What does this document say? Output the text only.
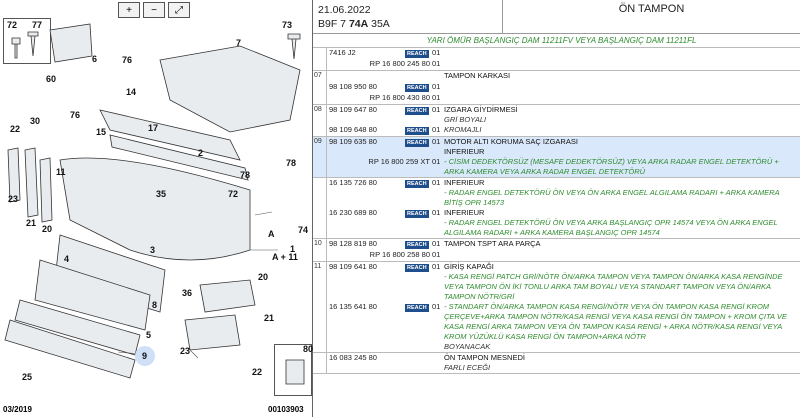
+ − ⤢
72 77
6
60
76
76
14
17
15
2
78
35
73
72
74
78
22
30
23
21
20
11
3
4
8
36
25
20
5
9
21
23
22
80
7
A
1
A + 11
03/2019	00103903
21.06.2022
B9F 7 74A 35A
ÖN TAMPON
YARI ÖMÜR BAŞLANGIÇ DAM 11211FV VEYA BAŞLANGIÇ DAM 11211FL
7416 J2	REACH 01
RP 16 800 245 80 01
07	TAMPON KARKASI
98 108 950 80	REACH 01
RP 16 800 430 80 01
08 98 109 647 80	REACH 01 IZGARA GİYDİRMESİ
GRİ BOYALI
98 109 648 80	REACH 01 KROMAJLI
09 98 109 635 80	REACH 01 MOTOR ALTI KORUMA SAÇ IZGARASI
INFERIEUR
RP 16 800 259 XT 01 - CİSİM DEDEKTÖRSÜZ (MESAFE DEDEKTÖRSÜZ) VEYA ARKA RADAR ENGEL DETEKTÖRÜ + ARKA KAMERA VEYA ARKA RADAR ENGEL DETEKTÖRÜ
16 135 726 80	REACH 01 INFERIEUR
- RADAR ENGEL DETEKTÖRÜ ÖN VEYA ÖN ARKA ENGEL ALGILAMA RADARI + ARKA KAMERA BİTİŞ OPR 14573
16 230 689 80	REACH 01 INFERIEUR
- RADAR ENGEL DETEKTÖRÜ ÖN VEYA ARKA BAŞLANGIÇ OPR 14574 VEYA ÖN ARKA ENGEL ALGILAMA RADARI + ARKA KAMERA BAŞLANGIÇ OPR 14574
10 98 128 819 80	REACH 01 TAMPON TSPT ARA PARÇA
RP 16 800 258 80 01
11	98 109 641 80	REACH 01 GİRİŞ KAPAĞI
- KASA RENGİ PATCH GRİ/NÖTR ÖN/ARKA TAMPON VEYA TAMPON ÖN/ARKA KASA RENGİNDE VEYA TAMPON ÖN İKİ TONLU ARKA TAM BOYALI VEYA STANDART TAMPON VEYA ÖN/ARKA TAMPON NÖTR/GRİ
16 135 641 80	REACH 01 - STANDART ÖN/ARKA TAMPON KASA RENGİ/NÖTR VEYA ÖN TAMPON KASA RENGİ KROM ÇERÇEVE+ARKA TAMPON NÖTR/KASA RENGİ VEYA KASA RENGİ ÖN TAMPON + KROM ÇITA VE KASA RENGİ ARKA TAMPON VEYA ÖN TAMPON KASA RENGİ + ARKA NÖTR/KASA RENGİ VEYA KROM YÜZÜKLÜ KASA RENGİ ÖN TAMPON+ARKA NÖTR
BOYANACAK
16 083 245 80	ÖN TAMPON MESNEDİ
FARLI ECEĞI
